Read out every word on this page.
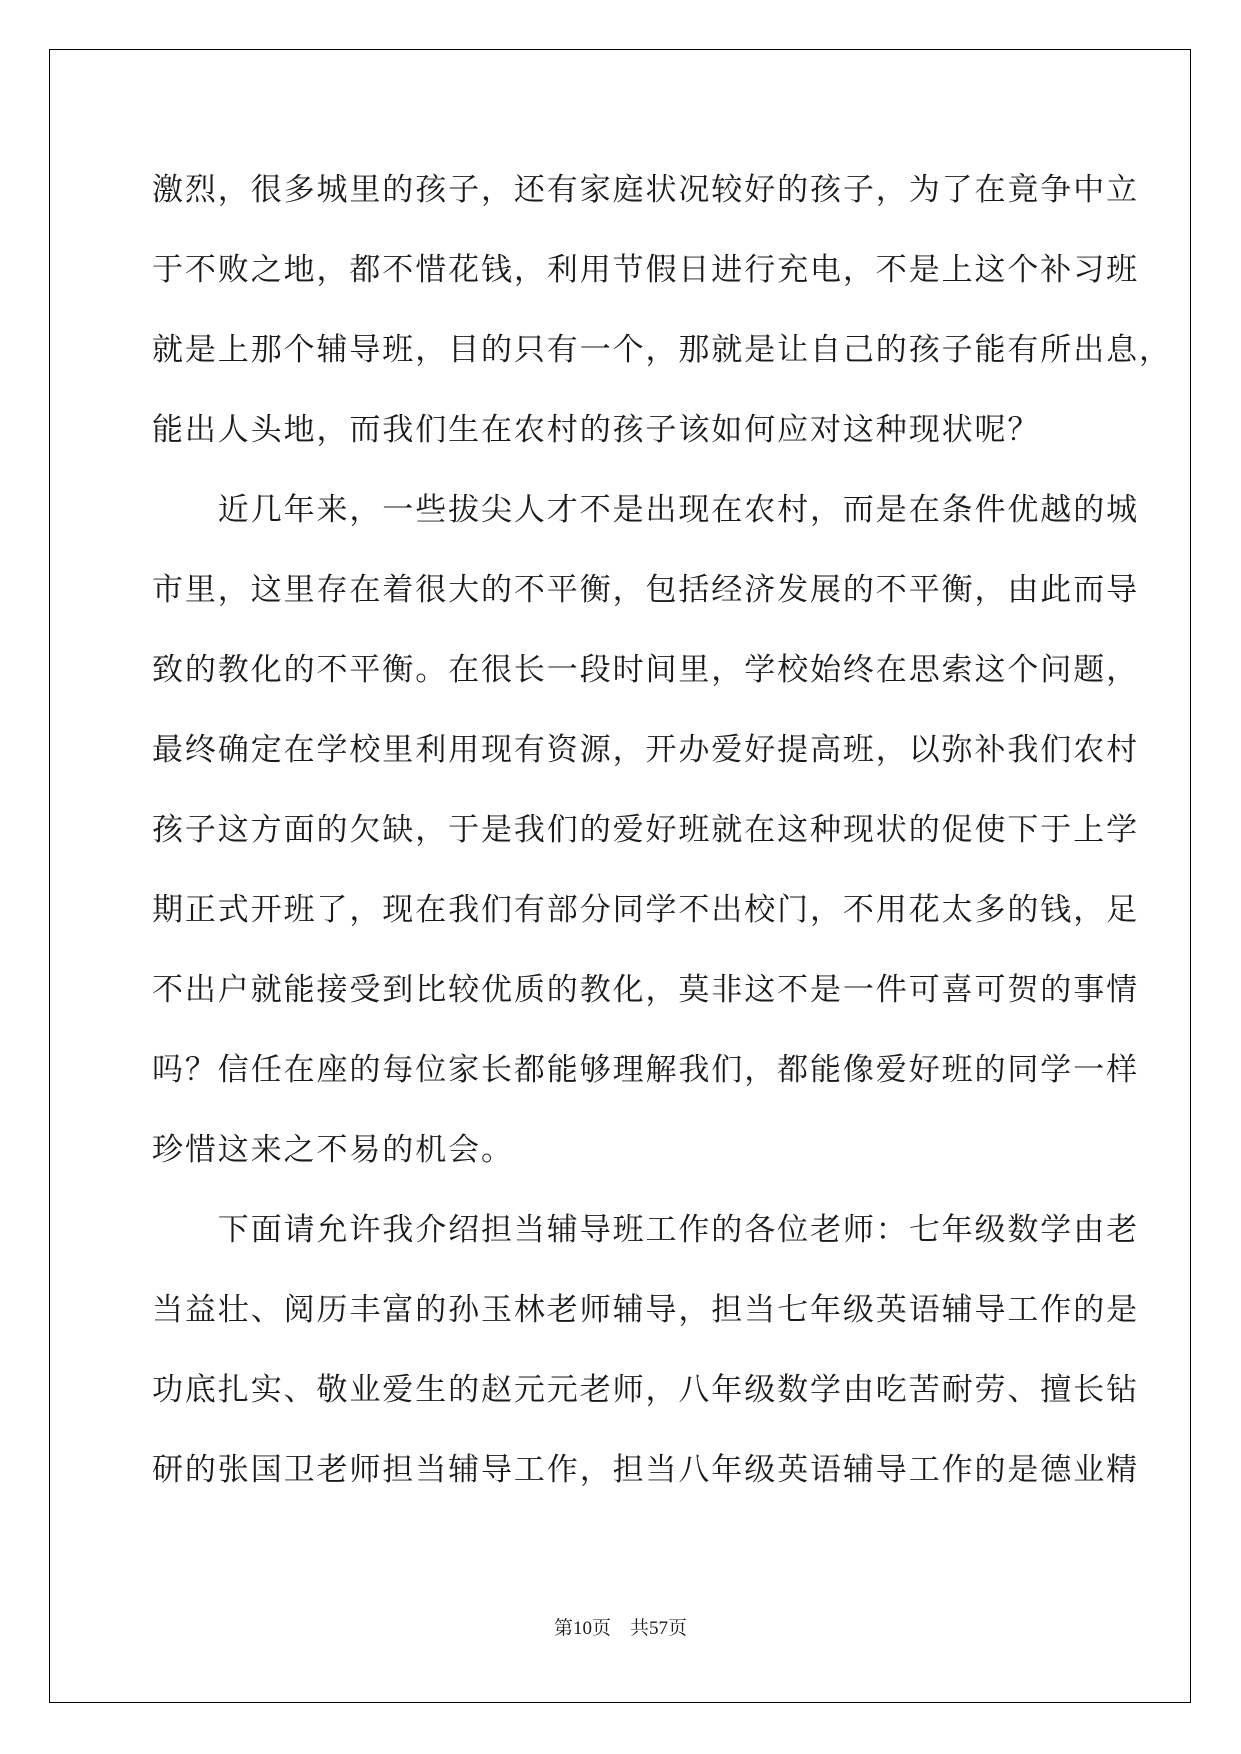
激烈，很多城里的孩子，还有家庭状况较好的孩子，为了在竟争中立
于不败之地，都不惜花钱，利用节假日进行充电，不是上这个补习班
就是上那个辅导班，目的只有一个，那就是让自己的孩子能有所出息，
能出人头地，而我们生在农村的孩子该如何应对这种现状呢？
　　近几年来，一些拔尖人才不是出现在农村，而是在条件优越的城
市里，这里存在着很大的不平衡，包括经济发展的不平衡，由此而导
致的教化的不平衡。在很长一段时间里，学校始终在思索这个问题，
最终确定在学校里利用现有资源，开办爱好提高班，以弥补我们农村
孩子这方面的欠缺，于是我们的爱好班就在这种现状的促使下于上学
期正式开班了，现在我们有部分同学不出校门，不用花太多的钱，足
不出户就能接受到比较优质的教化，莫非这不是一件可喜可贺的事情
吗？信任在座的每位家长都能够理解我们，都能像爱好班的同学一样
珍惜这来之不易的机会。
　　下面请允许我介绍担当辅导班工作的各位老师：七年级数学由老
当益壮、阅历丰富的孙玉林老师辅导，担当七年级英语辅导工作的是
功底扎实、敬业爱生的赵元元老师，八年级数学由吃苦耐劳、擅长钻
研的张国卫老师担当辅导工作，担当八年级英语辅导工作的是德业精
第10页　共57页
